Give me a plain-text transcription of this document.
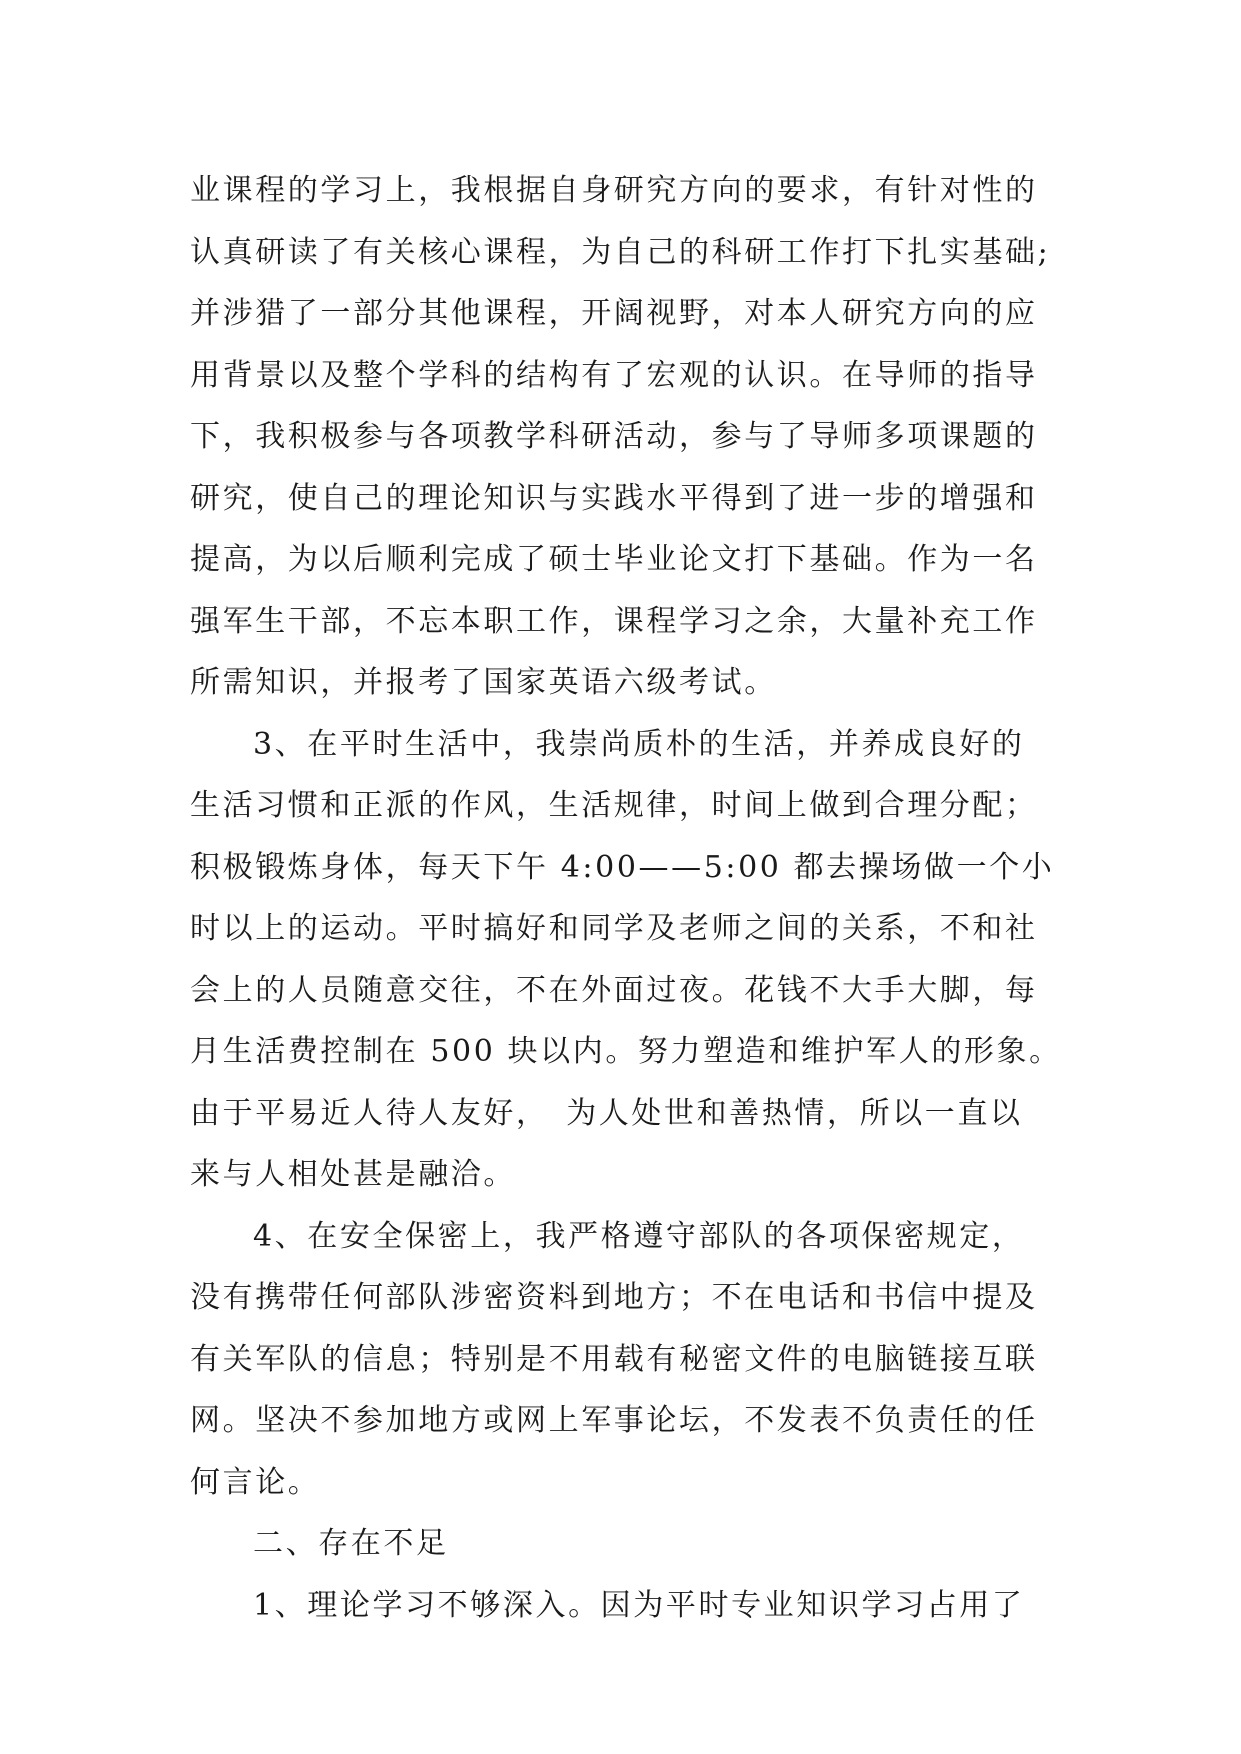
业课程的学习上，我根据自身研究方向的要求，有针对性的
认真研读了有关核心课程，为自己的科研工作打下扎实基础;
并涉猎了一部分其他课程，开阔视野，对本人研究方向的应
用背景以及整个学科的结构有了宏观的认识。在导师的指导
下，我积极参与各项教学科研活动，参与了导师多项课题的
研究，使自己的理论知识与实践水平得到了进一步的增强和
提高，为以后顺利完成了硕士毕业论文打下基础。作为一名
强军生干部，不忘本职工作，课程学习之余，大量补充工作
所需知识，并报考了国家英语六级考试。
3、在平时生活中，我崇尚质朴的生活，并养成良好的
生活习惯和正派的作风，生活规律，时间上做到合理分配；
积极锻炼身体，每天下午 4:00——5:00 都去操场做一个小
时以上的运动。平时搞好和同学及老师之间的关系，不和社
会上的人员随意交往，不在外面过夜。花钱不大手大脚，每
月生活费控制在 500 块以内。努力塑造和维护军人的形象。
由于平易近人待人友好，　为人处世和善热情，所以一直以
来与人相处甚是融洽。
4、在安全保密上，我严格遵守部队的各项保密规定，
没有携带任何部队涉密资料到地方；不在电话和书信中提及
有关军队的信息；特别是不用载有秘密文件的电脑链接互联
网。坚决不参加地方或网上军事论坛，不发表不负责任的任
何言论。
二、存在不足
1、理论学习不够深入。因为平时专业知识学习占用了
